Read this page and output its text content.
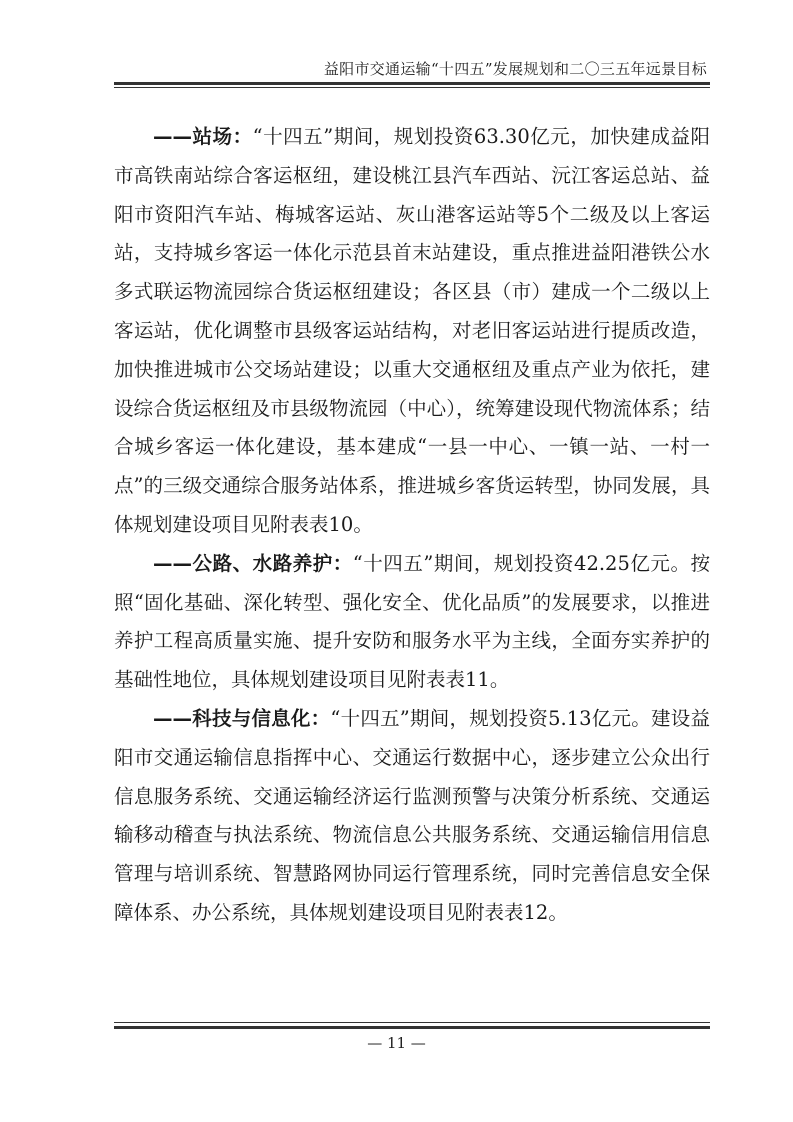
益阳市交通运输“十四五”发展规划和二〇三五年远景目标

——站场：“十四五”期间，规划投资63.30亿元，加快建成益阳市高铁南站综合客运枢纽，建设桃江县汽车西站、沅江客运总站、益阳市资阳汽车站、梅城客运站、灰山港客运站等5个二级及以上客运站，支持城乡客运一体化示范县首末站建设，重点推进益阳港铁公水多式联运物流园综合货运枢纽建设；各区县（市）建成一个二级以上客运站，优化调整市县级客运站结构，对老旧客运站进行提质改造，加快推进城市公交场站建设；以重大交通枢纽及重点产业为依托，建设综合货运枢纽及市县级物流园（中心），统筹建设现代物流体系；结合城乡客运一体化建设，基本建成“一县一中心、一镇一站、一村一点”的三级交通综合服务站体系，推进城乡客货运转型，协同发展，具体规划建设项目见附表表10。

——公路、水路养护：“十四五”期间，规划投资42.25亿元。按照“固化基础、深化转型、强化安全、优化品质”的发展要求，以推进养护工程高质量实施、提升安防和服务水平为主线，全面夯实养护的基础性地位，具体规划建设项目见附表表11。

——科技与信息化：“十四五”期间，规划投资5.13亿元。建设益阳市交通运输信息指挥中心、交通运行数据中心，逐步建立公众出行信息服务系统、交通运输经济运行监测预警与决策分析系统、交通运输移动稽查与执法系统、物流信息公共服务系统、交通运输信用信息管理与培训系统、智慧路网协同运行管理系统，同时完善信息安全保障体系、办公系统，具体规划建设项目见附表表12。

— 11 —
